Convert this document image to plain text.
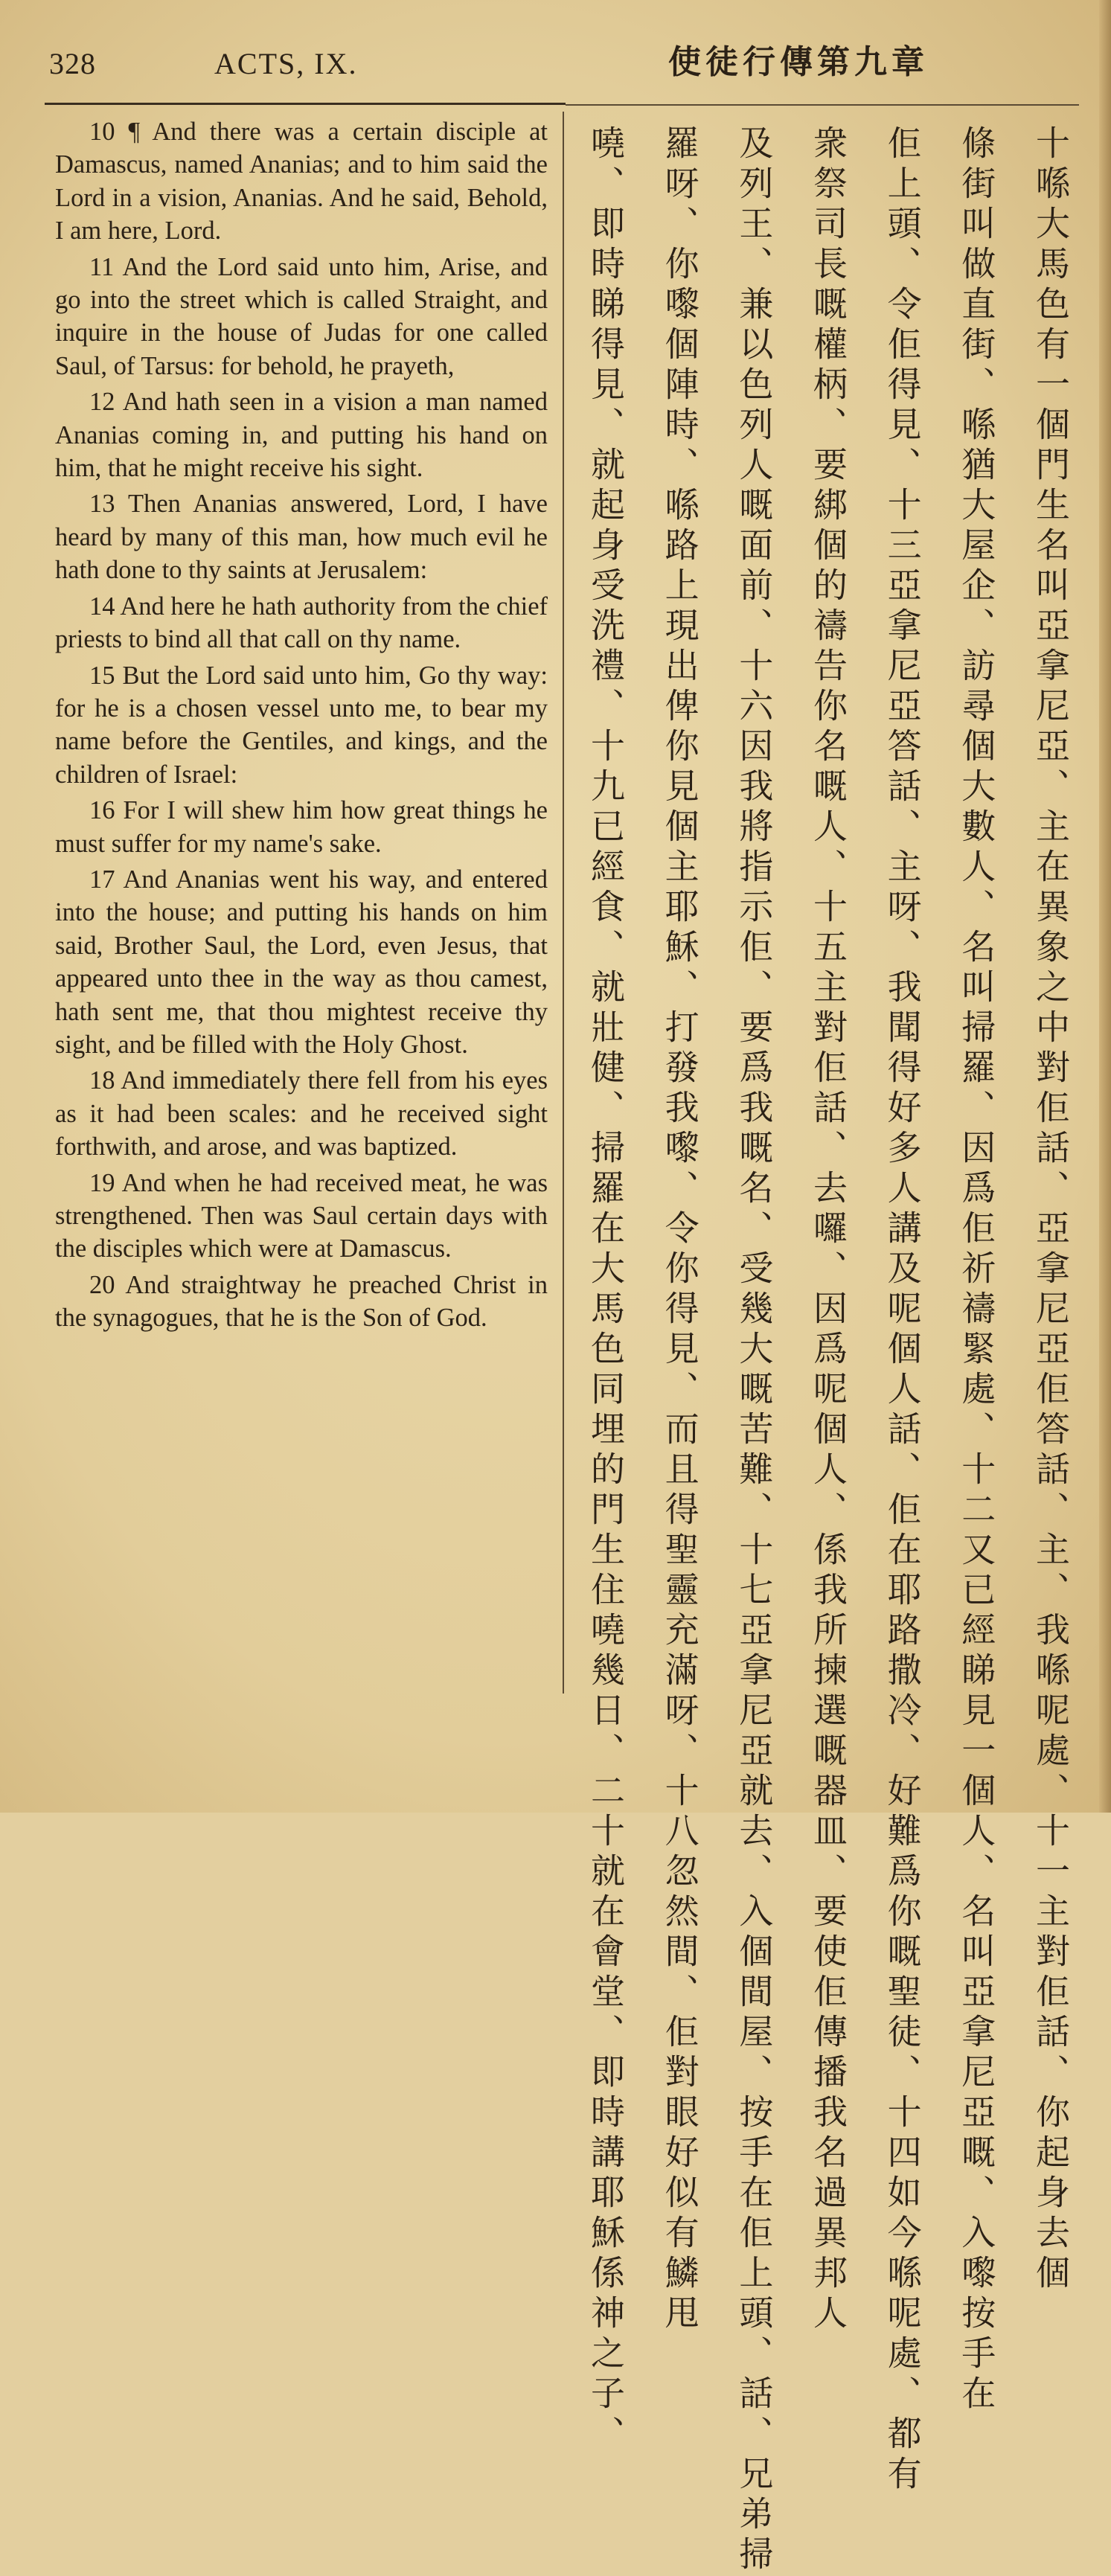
328	ACTS, IX.	使徒行傳第九章

10 ¶ And there was a certain disciple at Damascus, named Ananias; and to him said the Lord in a vision, Ananias. And he said, Behold, I am here, Lord.

11 And the Lord said unto him, Arise, and go into the street which is called Straight, and inquire in the house of Judas for one called Saul, of Tarsus: for behold, he prayeth,

12 And hath seen in a vision a man named Ananias coming in, and putting his hand on him, that he might receive his sight.

13 Then Ananias answered, Lord, I have heard by many of this man, how much evil he hath done to thy saints at Jerusalem:

14 And here he hath authority from the chief priests to bind all that call on thy name.

15 But the Lord said unto him, Go thy way: for he is a chosen vessel unto me, to bear my name before the Gentiles, and kings, and the children of Israel:

16 For I will shew him how great things he must suffer for my name's sake.

17 And Ananias went his way, and entered into the house; and putting his hands on him said, Brother Saul, the Lord, even Jesus, that appeared unto thee in the way as thou camest, hath sent me, that thou mightest receive thy sight, and be filled with the Holy Ghost.

18 And immediately there fell from his eyes as it had been scales: and he received sight forthwith, and arose, and was baptized.

19 And when he had received meat, he was strengthened. Then was Saul certain days with the disciples which were at Damascus.

20 And straightway he preached Christ in the synagogues, that he is the Son of God.	十喺大馬色有一個門生名叫亞拿尼亞、主在異象之中對佢話、亞拿尼亞佢答話、主、我喺呢處、十一主對佢話、你起身去個
條街叫做直街、喺猶大屋企、訪尋個大數人、名叫掃羅、因爲佢祈禱緊處、十二又已經睇見一個人、名叫亞拿尼亞嘅、入嚟按手在
佢上頭、令佢得見、十三亞拿尼亞答話、主呀、我聞得好多人講及呢個人話、佢在耶路撒冷、好難爲你嘅聖徒、十四如今喺呢處、都有
衆祭司長嘅權柄、要綁個的禱告你名嘅人、十五主對佢話、去囉、因爲呢個人、係我所揀選嘅器皿、要使佢傳播我名過異邦人
及列王、兼以色列人嘅面前、十六因我將指示佢、要爲我嘅名、受幾大嘅苦難、十七亞拿尼亞就去、入個間屋、按手在佢上頭、話、兄弟掃
羅呀、你嚟個陣時、喺路上現出俾你見個主耶穌、打發我嚟、令你得見、而且得聖靈充滿呀、十八忽然間、佢對眼好似有鱗甩
嘵、即時睇得見、就起身受洗禮、十九已經食、就壯健、掃羅在大馬色同埋的門生住嘵幾日、二十就在會堂、即時講耶穌係神之子、
